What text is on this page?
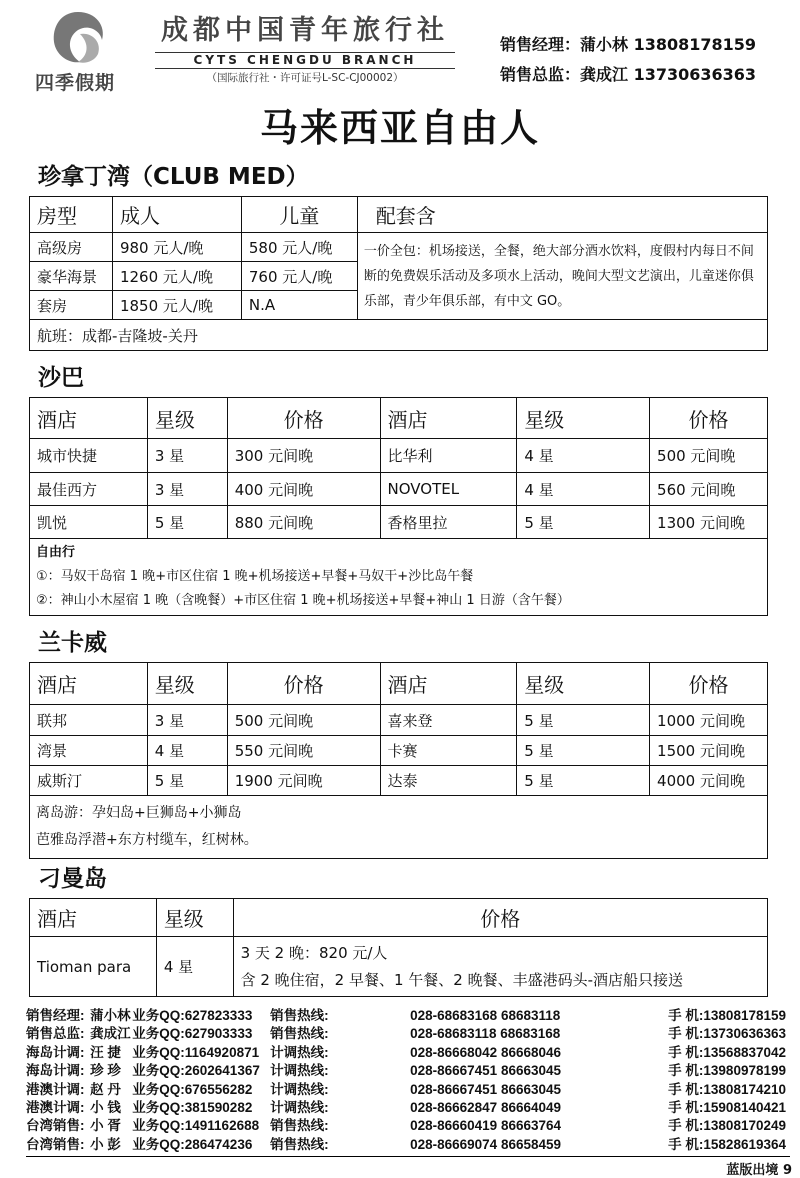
四季假期
成都中国青年旅行社
CYTS CHENGDU BRANCH
（国际旅行社・许可证号L-SC-CJ00002）
销售经理：蒲小林 13808178159
销售总监：龚成江 13730636363
马来西亚自由人
珍拿丁湾（CLUB MED）
房型	成人	儿童	配套含
高级房	980 元人/晚	580 元人/晚	一价全包：机场接送，全餐，绝大部分酒水饮料，度假村内每日不间断的免费娱乐活动及多项水上活动，晚间大型文艺演出，儿童迷你俱乐部，青少年俱乐部，有中文 GO。
豪华海景	1260 元人/晚	760 元人/晚	
套房	1850 元人/晚	N.A	
航班：成都-吉隆坡-关丹			
沙巴
酒店	星级	价格	酒店	星级	价格
城市快捷	3 星	300 元间晚	比华利	4 星	500 元间晚
最佳西方	3 星	400 元间晚	NOVOTEL	4 星	560 元间晚
凯悦	5 星	880 元间晚	香格里拉	5 星	1300 元间晚

自由行
①：马奴干岛宿 1 晚+市区住宿 1 晚+机场接送+早餐+马奴干+沙比岛午餐
②：神山小木屋宿 1 晚（含晚餐）+市区住宿 1 晚+机场接送+早餐+神山 1 日游（含午餐）					
兰卡威
酒店	星级	价格	酒店	星级	价格
联邦	3 星	500 元间晚	喜来登	5 星	1000 元间晚
湾景	4 星	550 元间晚	卡赛	5 星	1500 元间晚
威斯汀	5 星	1900 元间晚	达泰	5 星	4000 元间晚

离岛游：孕妇岛+巨狮岛+小狮岛
芭雅岛浮潜+东方村缆车，红树林。					
刁曼岛
酒店	星级	价格
Tioman para	4 星	3 天 2 晚：820 元/人
含 2 晚住宿，2 早餐、1 午餐、2 晚餐、丰盛港码头-酒店船只接送
销售经理: 蒲小林 业务QQ:627823333	销售热线:	028-68683168 68683118	手 机: 13808178159
销售总监: 龚成江 业务QQ:627903333	销售热线:	028-68683118 68683168	手 机: 13730636363
海岛计调: 汪 捷 业务QQ:1164920871 计调热线:	028-86668042 86668046	手 机: 13568837042
海岛计调: 珍 珍 业务QQ:2602641367 计调热线:	028-86667451 86663045	手 机: 13980978199
港澳计调: 赵 丹 业务QQ:676556282	计调热线:	028-86667451 86663045	手 机: 13808174210
港澳计调: 小 钱 业务QQ:381590282	计调热线:	028-86662847 86664049	手 机: 15908140421
台湾销售: 小 胥 业务QQ:1491162688 销售热线:	028-86660419 86663764	手 机: 13808170249
台湾销售: 小 彭 业务QQ:286474236	销售热线:	028-86669074 86658459	手 机: 15828619364
蓝版出境 9
